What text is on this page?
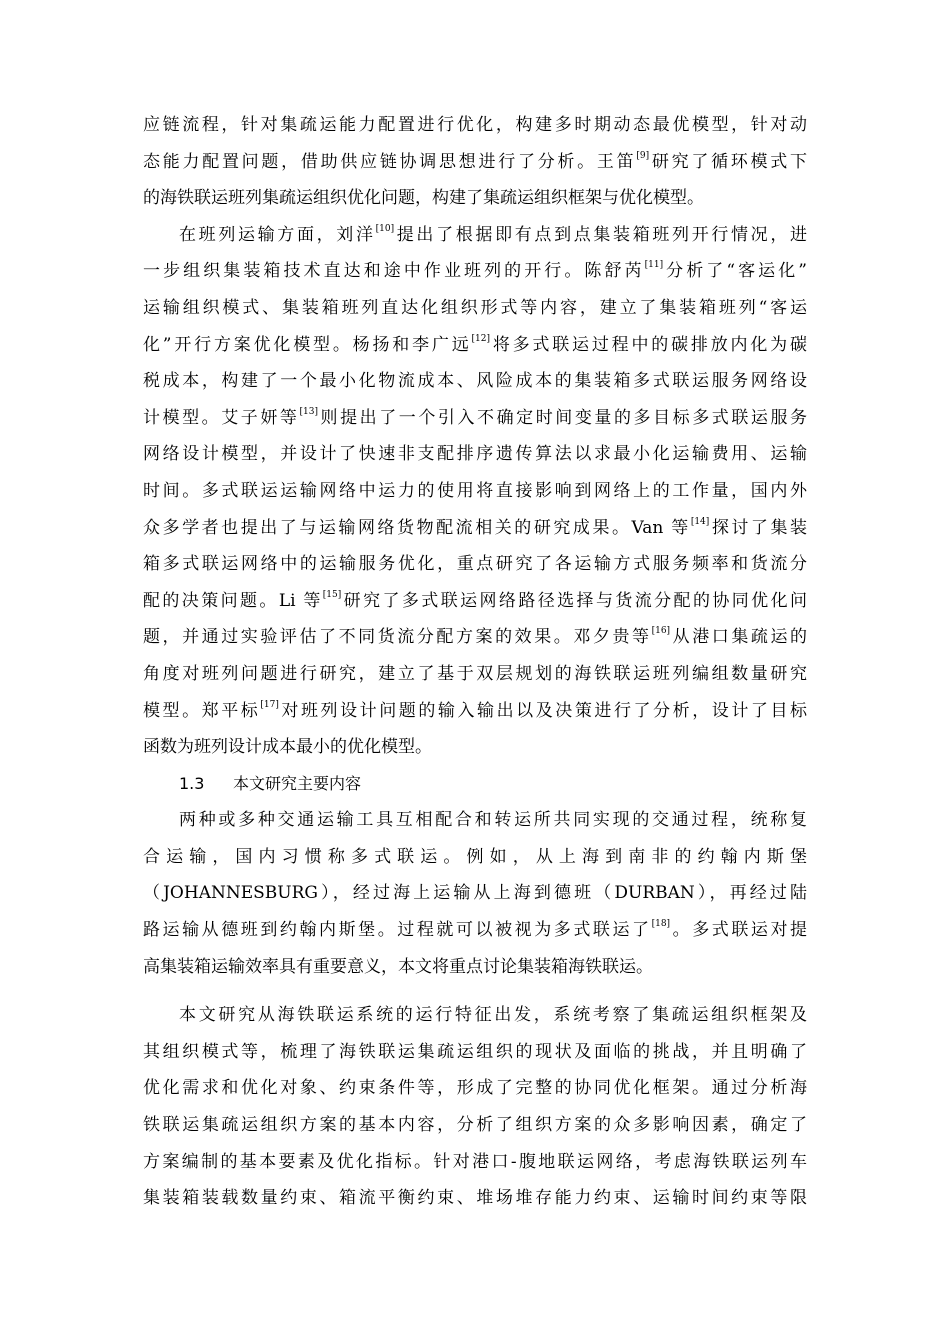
应链流程，针对集疏运能力配置进行优化，构建多时期动态最优模型，针对动
态能力配置问题，借助供应链协调思想进行了分析。王笛[9]研究了循环模式下
的海铁联运班列集疏运组织优化问题，构建了集疏运组织框架与优化模型。
在班列运输方面，刘洋[10]提出了根据即有点到点集装箱班列开行情况，进
一步组织集装箱技术直达和途中作业班列的开行。陈舒芮[11]分析了“客运化”
运输组织模式、集装箱班列直达化组织形式等内容，建立了集装箱班列“客运
化”开行方案优化模型。杨扬和李广远[12]将多式联运过程中的碳排放内化为碳
税成本，构建了一个最小化物流成本、风险成本的集装箱多式联运服务网络设
计模型。艾子妍等[13]则提出了一个引入不确定时间变量的多目标多式联运服务
网络设计模型，并设计了快速非支配排序遗传算法以求最小化运输费用、运输
时间。多式联运运输网络中运力的使用将直接影响到网络上的工作量，国内外
众多学者也提出了与运输网络货物配流相关的研究成果。Van 等[14]探讨了集装
箱多式联运网络中的运输服务优化，重点研究了各运输方式服务频率和货流分
配的决策问题。Li 等[15]研究了多式联运网络路径选择与货流分配的协同优化问
题，并通过实验评估了不同货流分配方案的效果。邓夕贵等[16]从港口集疏运的
角度对班列问题进行研究，建立了基于双层规划的海铁联运班列编组数量研究
模型。郑平标[17]对班列设计问题的输入输出以及决策进行了分析，设计了目标
函数为班列设计成本最小的优化模型。
1.3 本文研究主要内容
两种或多种交通运输工具互相配合和转运所共同实现的交通过程，统称复
合运输，国内习惯称多式联运。例如，从上海到南非的约翰内斯堡
（JOHANNESBURG），经过海上运输从上海到德班（DURBAN），再经过陆
路运输从德班到约翰内斯堡。过程就可以被视为多式联运了[18]。多式联运对提
高集装箱运输效率具有重要意义，本文将重点讨论集装箱海铁联运。
本文研究从海铁联运系统的运行特征出发，系统考察了集疏运组织框架及
其组织模式等，梳理了海铁联运集疏运组织的现状及面临的挑战，并且明确了
优化需求和优化对象、约束条件等，形成了完整的协同优化框架。通过分析海
铁联运集疏运组织方案的基本内容，分析了组织方案的众多影响因素，确定了
方案编制的基本要素及优化指标。针对港口-腹地联运网络，考虑海铁联运列车
集装箱装载数量约束、箱流平衡约束、堆场堆存能力约束、运输时间约束等限
